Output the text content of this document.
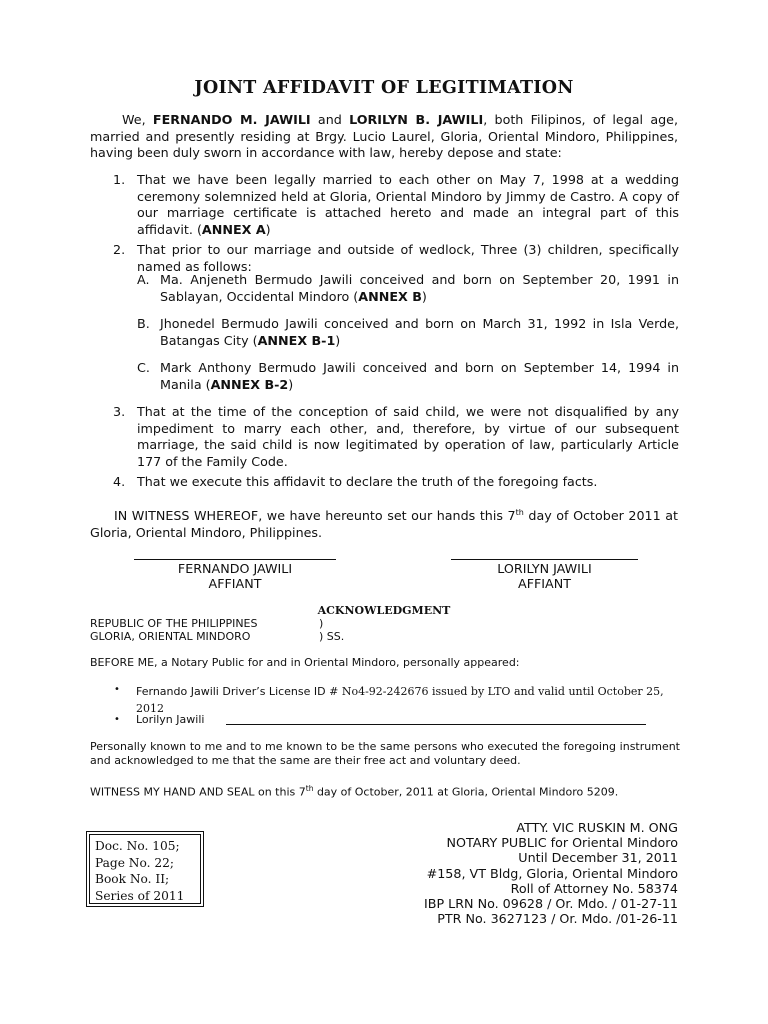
JOINT AFFIDAVIT OF LEGITIMATION
We, FERNANDO M. JAWILI and LORILYN B. JAWILI, both Filipinos, of legal age, married and presently residing at Brgy. Lucio Laurel, Gloria, Oriental Mindoro, Philippines, having been duly sworn in accordance with law, hereby depose and state:
1. That we have been legally married to each other on May 7, 1998 at a wedding ceremony solemnized held at Gloria, Oriental Mindoro by Jimmy de Castro. A copy of our marriage certificate is attached hereto and made an integral part of this affidavit. (ANNEX A)
2. That prior to our marriage and outside of wedlock, Three (3) children, specifically named as follows:
A. Ma. Anjeneth Bermudo Jawili conceived and born on September 20, 1991 in Sablayan, Occidental Mindoro (ANNEX B)
B. Jhonedel Bermudo Jawili conceived and born on March 31, 1992 in Isla Verde, Batangas City (ANNEX B-1)
C. Mark Anthony Bermudo Jawili conceived and born on September 14, 1994 in Manila (ANNEX B-2)
3. That at the time of the conception of said child, we were not disqualified by any impediment to marry each other, and, therefore, by virtue of our subsequent marriage, the said child is now legitimated by operation of law, particularly Article 177 of the Family Code.
4. That we execute this affidavit to declare the truth of the foregoing facts.
IN WITNESS WHEREOF, we have hereunto set our hands this 7th day of October 2011 at Gloria, Oriental Mindoro, Philippines.
FERNANDO JAWILI
AFFIANT
LORILYN JAWILI
AFFIANT
ACKNOWLEDGMENT
REPUBLIC OF THE PHILIPPINES	)
GLORIA, ORIENTAL MINDORO	) SS.
BEFORE ME, a Notary Public for and in Oriental Mindoro, personally appeared:
• Fernando Jawili Driver’s License ID # No4-92-242676 issued by LTO and valid until October 25, 2012
• Lorilyn Jawili
Personally known to me and to me known to be the same persons who executed the foregoing instrument and acknowledged to me that the same are their free act and voluntary deed.
WITNESS MY HAND AND SEAL on this 7th day of October, 2011 at Gloria, Oriental Mindoro 5209.
Doc. No. 105;
Page No. 22;
Book No. II;
Series of 2011
ATTY. VIC RUSKIN M. ONG
NOTARY PUBLIC for Oriental Mindoro
Until December 31, 2011
#158, VT Bldg, Gloria, Oriental Mindoro
Roll of Attorney No. 58374
IBP LRN No. 09628 / Or. Mdo. / 01-27-11
PTR No. 3627123 / Or. Mdo. /01-26-11
